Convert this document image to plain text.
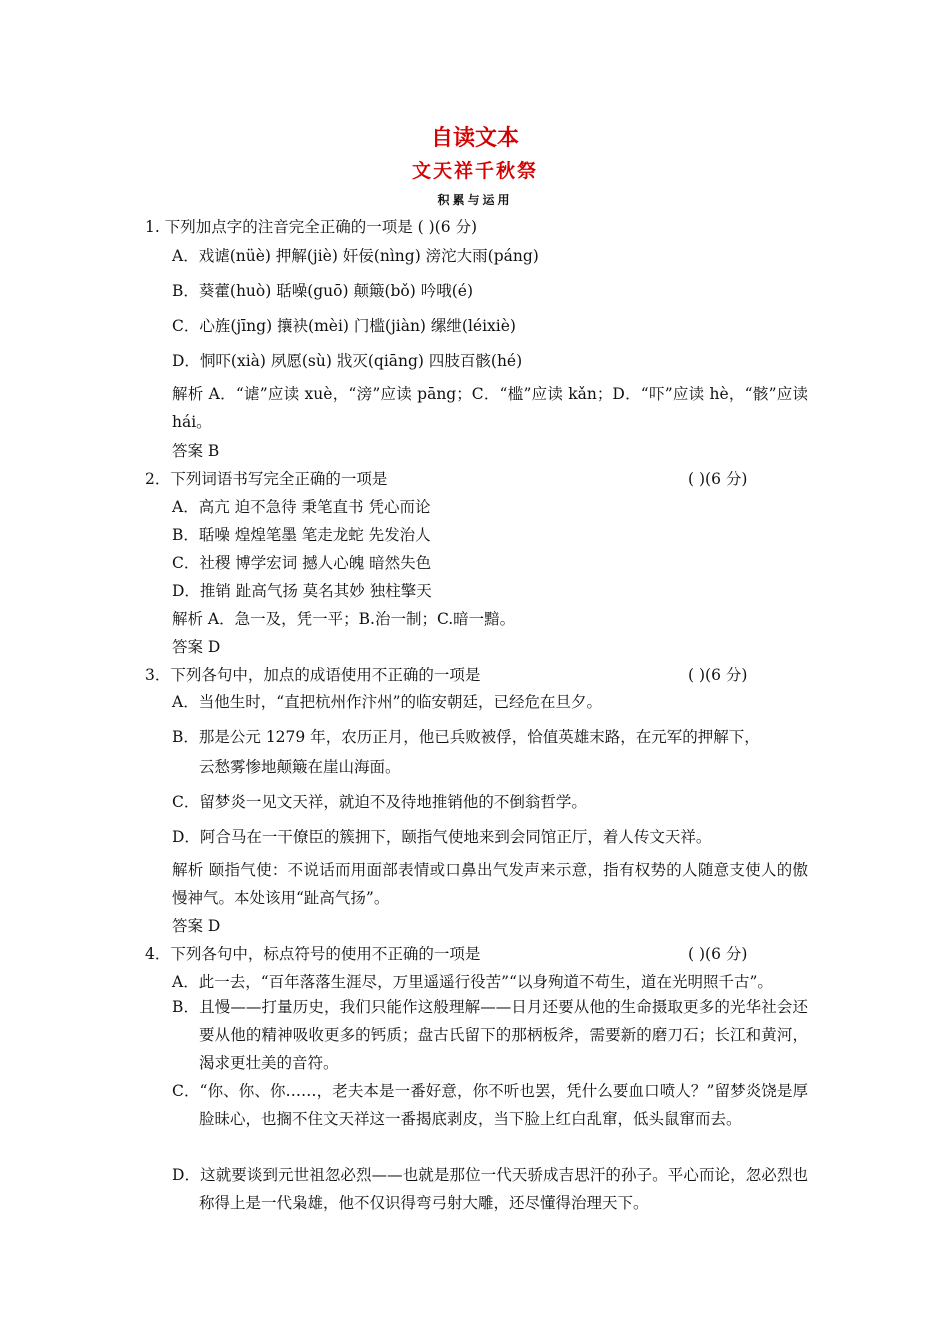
自读文本
文天祥千秋祭
积累与运用
1. 下列加点字的注音完全正确的一项是 ( )(6 分)
A．戏谑(nüè) 押解(jiè) 奸佞(nìng) 滂沱大雨(páng)
B．葵藿(huò) 聒噪(guō) 颠簸(bǒ) 吟哦(é)
C．心旌(jīng) 攘袂(mèi) 门槛(jiàn) 缧绁(léixiè)
D．恫吓(xià) 夙愿(sù) 戕灭(qiāng) 四肢百骸(hé)
解析 A．“谑”应读 xuè，“滂”应读 pāng；C．“槛”应读 kǎn；D．“吓”应读 hè，“骸”应读 hái。
答案 B
2．下列词语书写完全正确的一项是	( )(6 分)
A．高亢 迫不急待 秉笔直书 凭心而论
B．聒噪 煌煌笔墨 笔走龙蛇 先发治人
C．社稷 博学宏词 撼人心魄 暗然失色
D．推销 趾高气扬 莫名其妙 独柱擎天
解析 A．急一及，凭一平；B.治一制；C.暗一黯。
答案 D
3．下列各句中，加点的成语使用不正确的一项是	( )(6 分)
A．当他生时，“直把杭州作汴州”的临安朝廷，已经危在旦夕。
B．那是公元 1279 年，农历正月，他已兵败被俘，恰值英雄末路，在元军的押解下，
云愁雾惨地颠簸在崖山海面。
C．留梦炎一见文天祥，就迫不及待地推销他的不倒翁哲学。
D．阿合马在一干僚臣的簇拥下，颐指气使地来到会同馆正厅，着人传文天祥。
解析 颐指气使：不说话而用面部表情或口鼻出气发声来示意，指有权势的人随意支使人的傲慢神气。本处该用“趾高气扬”。
答案 D
4．下列各句中，标点符号的使用不正确的一项是	( )(6 分)
A．此一去，“百年落落生涯尽，万里遥遥行役苦”“以身殉道不苟生，道在光明照千古”。
B．且慢——打量历史，我们只能作这般理解——日月还要从他的生命摄取更多的光华社会还要从他的精神吸收更多的钙质；盘古氏留下的那柄板斧，需要新的磨刀石；长江和黄河，渴求更壮美的音符。
C．“你、你、你……，老夫本是一番好意，你不听也罢，凭什么要血口喷人？”留梦炎饶是厚脸昧心，也搁不住文天祥这一番揭底剥皮，当下脸上红白乱窜，低头鼠窜而去。
D．这就要谈到元世祖忽必烈——也就是那位一代天骄成吉思汗的孙子。平心而论，忽必烈也称得上是一代枭雄，他不仅识得弯弓射大雕，还尽懂得治理天下。
